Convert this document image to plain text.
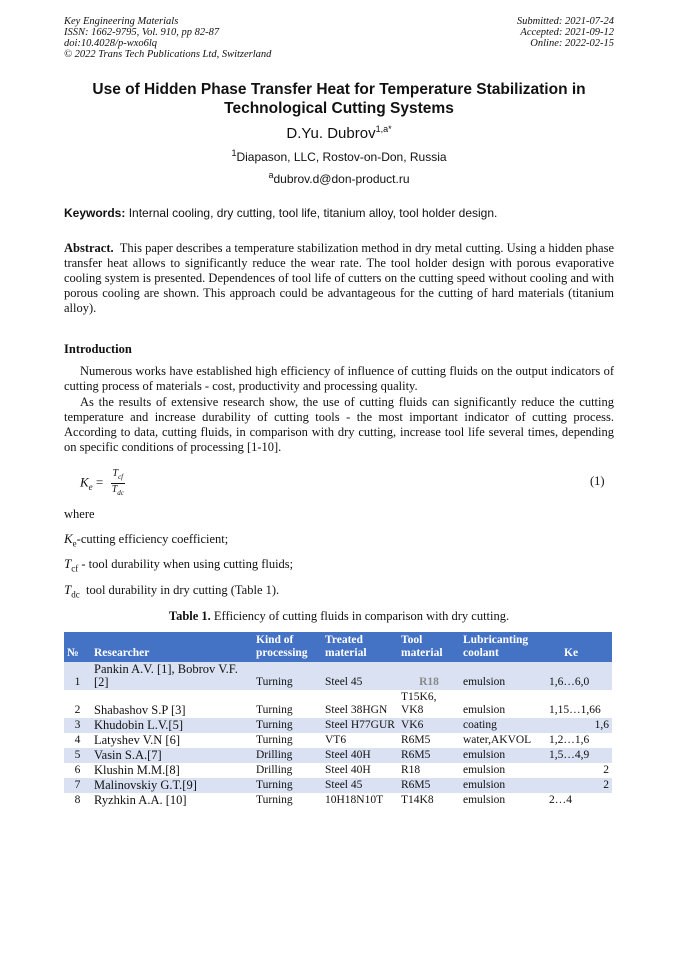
Key Engineering Materials
ISSN: 1662-9795, Vol. 910, pp 82-87
doi:10.4028/p-wxo6lq
© 2022 Trans Tech Publications Ltd, Switzerland
Submitted: 2021-07-24
Accepted: 2021-09-12
Online: 2022-02-15
Use of Hidden Phase Transfer Heat for Temperature Stabilization in Technological Cutting Systems
D.Yu. Dubrov$^{1,a*}$
$^1$Diapason, LLC, Rostov-on-Don, Russia
$^a$dubrov.d@don-product.ru
Keywords: Internal cooling, dry cutting, tool life, titanium alloy, tool holder design.
Abstract. This paper describes a temperature stabilization method in dry metal cutting. Using a hidden phase transfer heat allows to significantly reduce the wear rate. The tool holder design with porous evaporative cooling system is presented. Dependences of tool life of cutters on the cutting speed without cooling and with porous cooling are shown. This approach could be advantageous for the cutting of hard materials (titanium alloy).
Introduction
Numerous works have established high efficiency of influence of cutting fluids on the output indicators of cutting process of materials - cost, productivity and processing quality.
As the results of extensive research show, the use of cutting fluids can significantly reduce the cutting temperature and increase durability of cutting tools - the most important indicator of cutting process. According to data, cutting fluids, in comparison with dry cutting, increase tool life several times, depending on specific conditions of processing [1-10].
$K_e = \frac{T_{cf}}{T_{dc}}$	(1)
where
$K_e$-cutting efficiency coefficient;
$T_{cf}$ - tool durability when using cutting fluids;
$T_{dc}$  tool durability in dry cutting (Table 1).
Table 1. Efficiency of cutting fluids in comparison with dry cutting.
№	Researcher	Kind of processing	Treated material	Tool material	Lubricanting coolant	Ke
1	Pankin A.V. [1], Bobrov V.F.[2]	Turning	Steel 45	R18	emulsion	1,6…6,0
2	Shabashov S.P [3]	Turning	Steel 38HGN	T15K6, VK8	emulsion	1,15…1,66
3	Khudobin L.V.[5]	Turning	Steel H77GUR	VK6	coating	1,6
4	Latyshev V.N [6]	Turning	VT6	R6M5	water,AKVOL	1,2…1,6
5	Vasin S.A.[7]	Drilling	Steel 40H	R6M5	emulsion	1,5…4,9
6	Klushin M.M.[8]	Drilling	Steel 40H	R18	emulsion	2
7	Malinovskiy G.T.[9]	Turning	Steel 45	R6M5	emulsion	2
8	Ryzhkin A.A. [10]	Turning	10H18N10T	T14K8	emulsion	2…4
